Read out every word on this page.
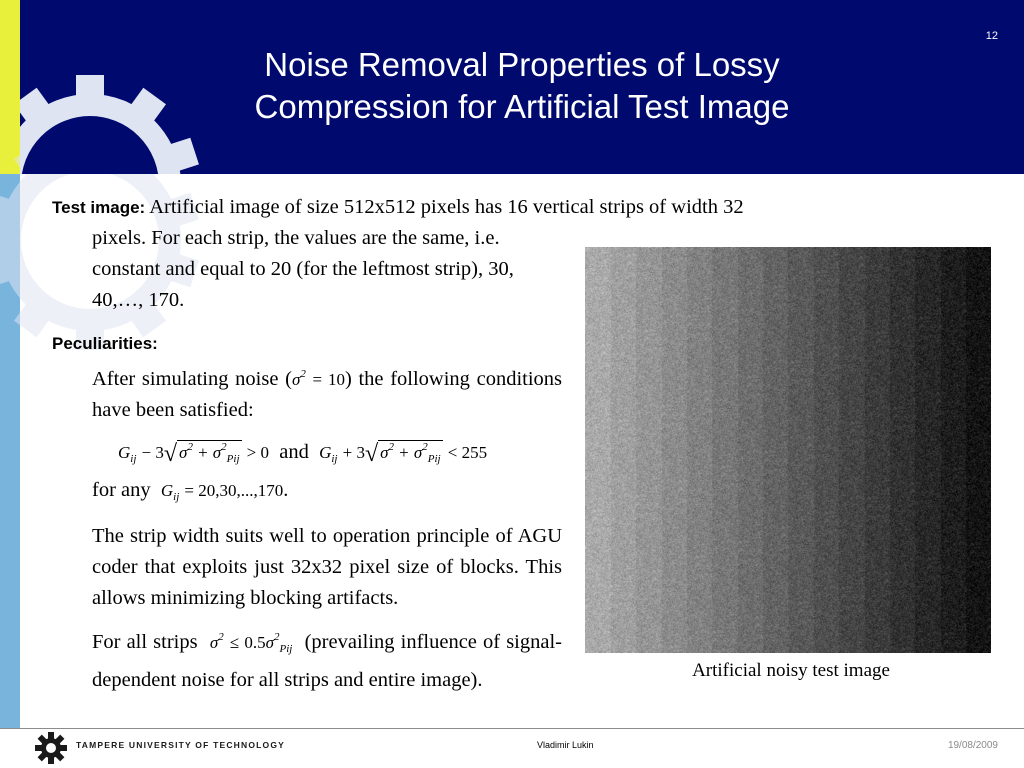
Noise Removal Properties of Lossy
Compression for Artificial Test Image
12

Test image: Artificial image of size 512x512 pixels has 16 vertical strips of width 32

pixels. For each strip, the values are the same, i.e. constant and equal to 20 (for the leftmost strip), 30, 40,…, 170.

Peculiarities:

After simulating noise $(\sigma^2 = 10)$ the following conditions have been satisfied:

$G_{ij} - 3√$ $\sigma^2 + \sigma^2_{Pij} > 0$ and $G_{ij} + 3√$ $\sigma^2 + \sigma^2_{Pij} < 255$

for any $G_{ij} = 20,30,...,170$.

The strip width suits well to operation principle of AGU coder that exploits just 32x32 pixel size of blocks. This allows minimizing blocking artifacts.

For all strips $\sigma^2 \le 0.5\sigma^2_{Pij}$ (prevailing influence of signal-dependent noise for all strips and entire image).	Artificial noisy test image
TAMPERE UNIVERSITY OF TECHNOLOGY	Vladimir Lukin	19/08/2009
